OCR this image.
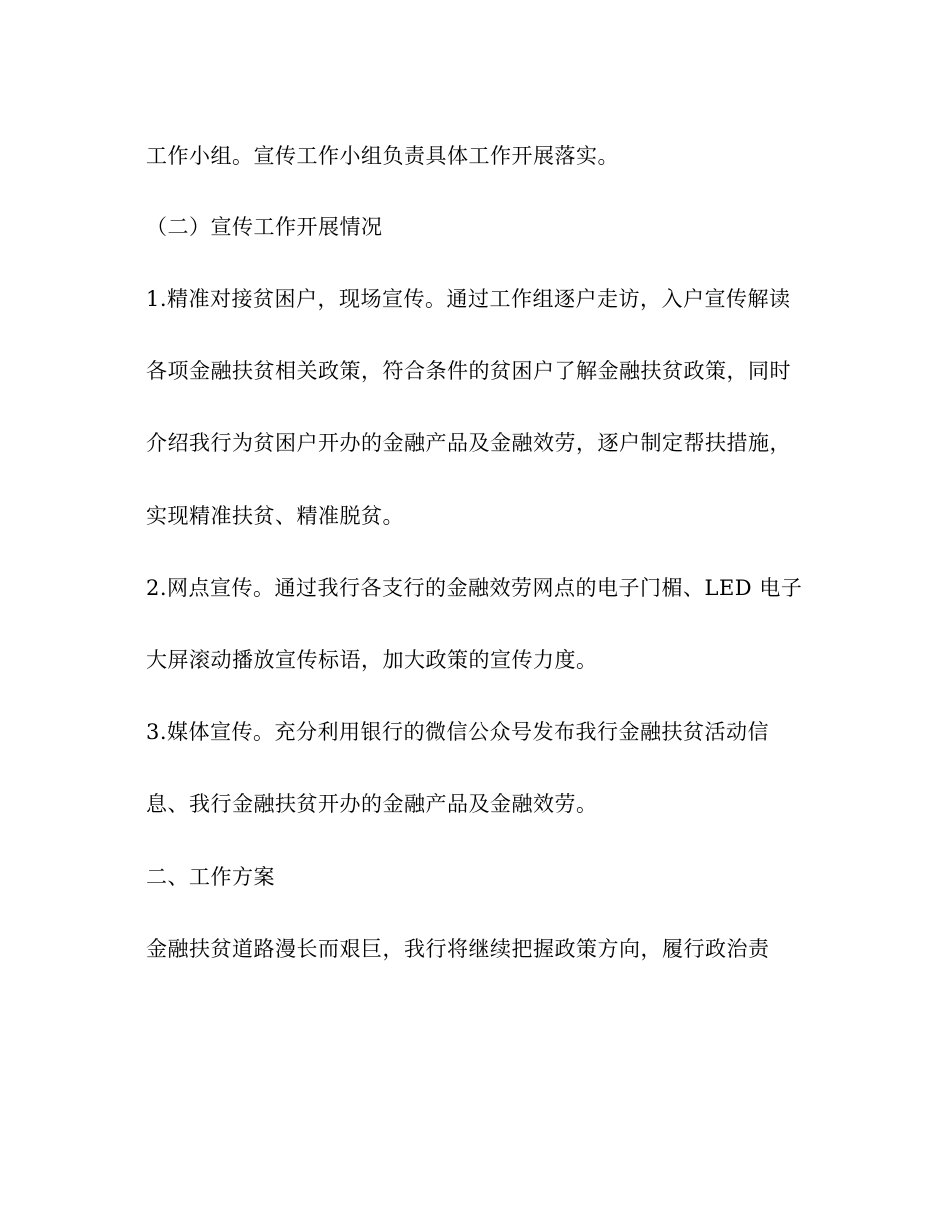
工作小组。宣传工作小组负责具体工作开展落实。
（二）宣传工作开展情况
1.精准对接贫困户，现场宣传。通过工作组逐户走访，入户宣传解读
各项金融扶贫相关政策，符合条件的贫困户了解金融扶贫政策，同时
介绍我行为贫困户开办的金融产品及金融效劳，逐户制定帮扶措施，
实现精准扶贫、精准脱贫。
2.网点宣传。通过我行各支行的金融效劳网点的电子门楣、LED 电子
大屏滚动播放宣传标语，加大政策的宣传力度。
3.媒体宣传。充分利用银行的微信公众号发布我行金融扶贫活动信
息、我行金融扶贫开办的金融产品及金融效劳。
二、工作方案
金融扶贫道路漫长而艰巨，我行将继续把握政策方向，履行政治责
